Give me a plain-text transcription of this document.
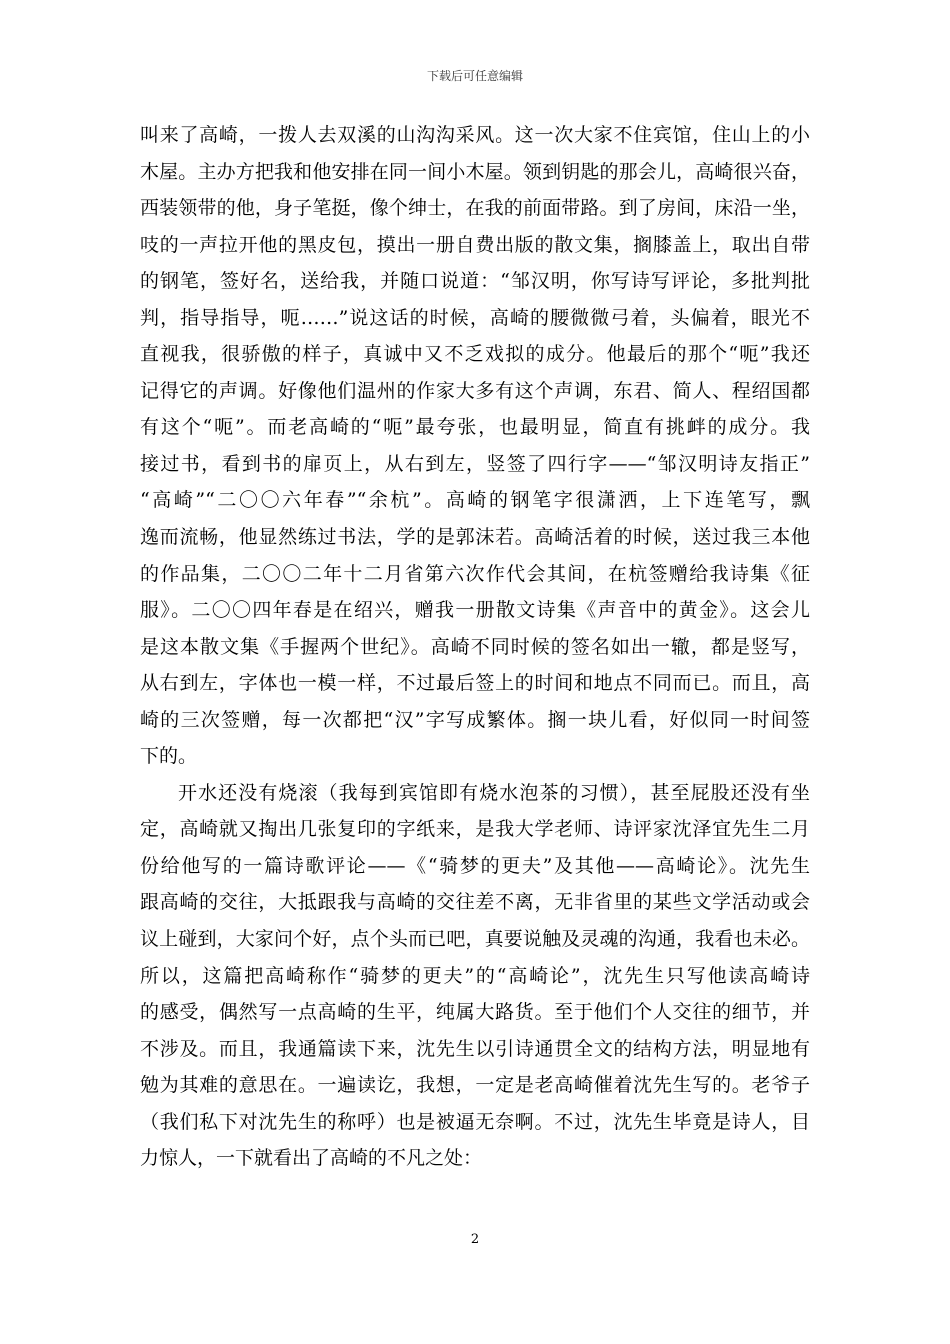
下载后可任意编辑
叫来了高崎，一拨人去双溪的山沟沟采风。这一次大家不住宾馆，住山上的小
木屋。主办方把我和他安排在同一间小木屋。领到钥匙的那会儿，高崎很兴奋，
西装领带的他，身子笔挺，像个绅士，在我的前面带路。到了房间，床沿一坐，
吱的一声拉开他的黑皮包，摸出一册自费出版的散文集，搁膝盖上，取出自带
的钢笔，签好名，送给我，并随口说道：“邹汉明，你写诗写评论，多批判批
判，指导指导，呃……”说这话的时候，高崎的腰微微弓着，头偏着，眼光不
直视我，很骄傲的样子，真诚中又不乏戏拟的成分。他最后的那个“呃”我还
记得它的声调。好像他们温州的作家大多有这个声调，东君、简人、程绍国都
有这个“呃”。而老高崎的“呃”最夸张，也最明显，简直有挑衅的成分。我
接过书，看到书的扉页上，从右到左，竖签了四行字——“邹汉明诗友指正”
“高崎”“二〇〇六年春”“余杭”。高崎的钢笔字很潇洒，上下连笔写，飘
逸而流畅，他显然练过书法，学的是郭沫若。高崎活着的时候，送过我三本他
的作品集，二〇〇二年十二月省第六次作代会其间，在杭签赠给我诗集《征
服》。二〇〇四年春是在绍兴，赠我一册散文诗集《声音中的黄金》。这会儿
是这本散文集《手握两个世纪》。高崎不同时候的签名如出一辙，都是竖写，
从右到左，字体也一模一样，不过最后签上的时间和地点不同而已。而且，高
崎的三次签赠，每一次都把“汉”字写成繁体。搁一块儿看，好似同一时间签
下的。
开水还没有烧滚（我每到宾馆即有烧水泡茶的习惯），甚至屁股还没有坐
定，高崎就又掏出几张复印的字纸来，是我大学老师、诗评家沈泽宜先生二月
份给他写的一篇诗歌评论——《“骑梦的更夫”及其他——高崎论》。沈先生
跟高崎的交往，大抵跟我与高崎的交往差不离，无非省里的某些文学活动或会
议上碰到，大家问个好，点个头而已吧，真要说触及灵魂的沟通，我看也未必。
所以，这篇把高崎称作“骑梦的更夫”的“高崎论”，沈先生只写他读高崎诗
的感受，偶然写一点高崎的生平，纯属大路货。至于他们个人交往的细节，并
不涉及。而且，我通篇读下来，沈先生以引诗通贯全文的结构方法，明显地有
勉为其难的意思在。一遍读讫，我想，一定是老高崎催着沈先生写的。老爷子
（我们私下对沈先生的称呼）也是被逼无奈啊。不过，沈先生毕竟是诗人，目
力惊人，一下就看出了高崎的不凡之处：
2
